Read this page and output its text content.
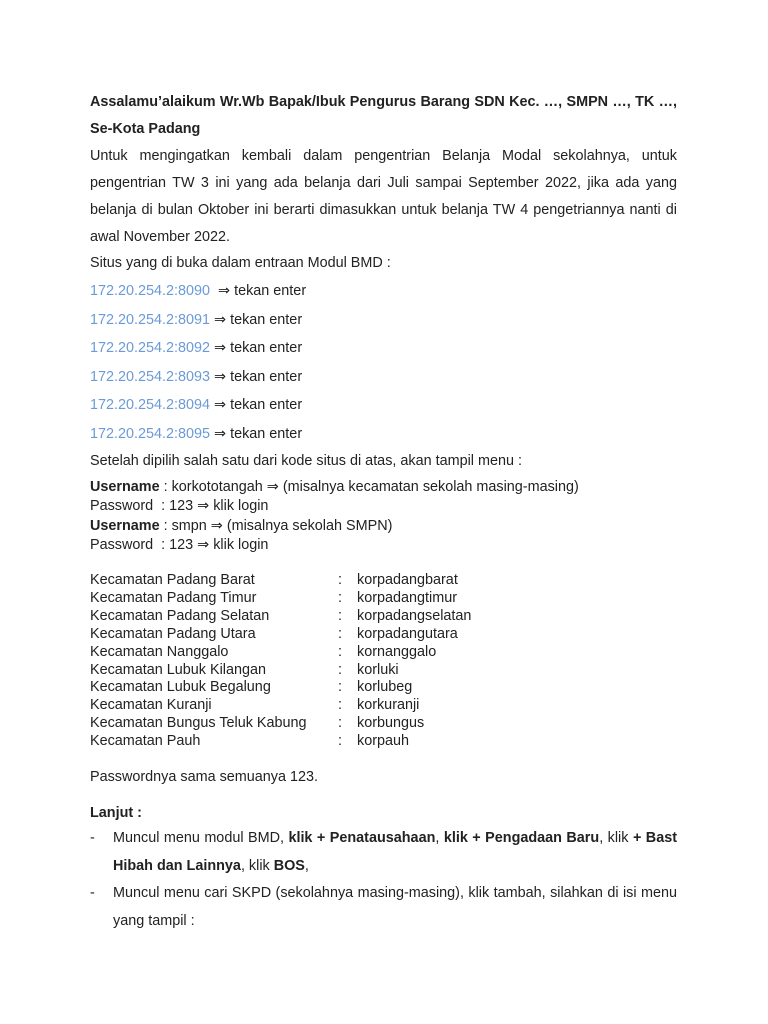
Assalamu’alaikum Wr.Wb Bapak/Ibuk Pengurus Barang SDN Kec. …, SMPN …, TK …, Se-Kota Padang
Untuk mengingatkan kembali dalam pengentrian Belanja Modal sekolahnya, untuk pengentrian TW 3 ini yang ada belanja dari Juli sampai September 2022, jika ada yang belanja di bulan Oktober ini berarti dimasukkan untuk belanja TW 4 pengetriannya nanti di awal November 2022.
Situs yang di buka dalam entraan Modul BMD :
172.20.254.2:8090 ⇒ tekan enter
172.20.254.2:8091 ⇒ tekan enter
172.20.254.2:8092 ⇒ tekan enter
172.20.254.2:8093 ⇒ tekan enter
172.20.254.2:8094 ⇒ tekan enter
172.20.254.2:8095 ⇒ tekan enter
Setelah dipilih salah satu dari kode situs di atas, akan tampil menu :
Username : korkototangah ⇒ (misalnya kecamatan sekolah masing-masing)
Password  : 123 ⇒ klik login
Username : smpn ⇒ (misalnya sekolah SMPN)
Password  : 123 ⇒ klik login
Kecamatan Padang Barat	:	korpadangbarat
Kecamatan Padang Timur	:	korpadangtimur
Kecamatan Padang Selatan	:	korpadangselatan
Kecamatan Padang Utara	:	korpadangutara
Kecamatan Nanggalo	:	kornanggalo
Kecamatan Lubuk Kilangan	:	korluki
Kecamatan Lubuk Begalung	:	korlubeg
Kecamatan Kuranji	:	korkuranji
Kecamatan Bungus Teluk Kabung	:	korbungus
Kecamatan Pauh	:	korpauh
Passwordnya sama semuanya 123.
Lanjut :
-	Muncul menu modul BMD, klik + Penatausahaan, klik + Pengadaan Baru, klik + Bast Hibah dan Lainnya, klik BOS,
-	Muncul menu cari SKPD (sekolahnya masing-masing), klik tambah, silahkan di isi menu yang tampil :
